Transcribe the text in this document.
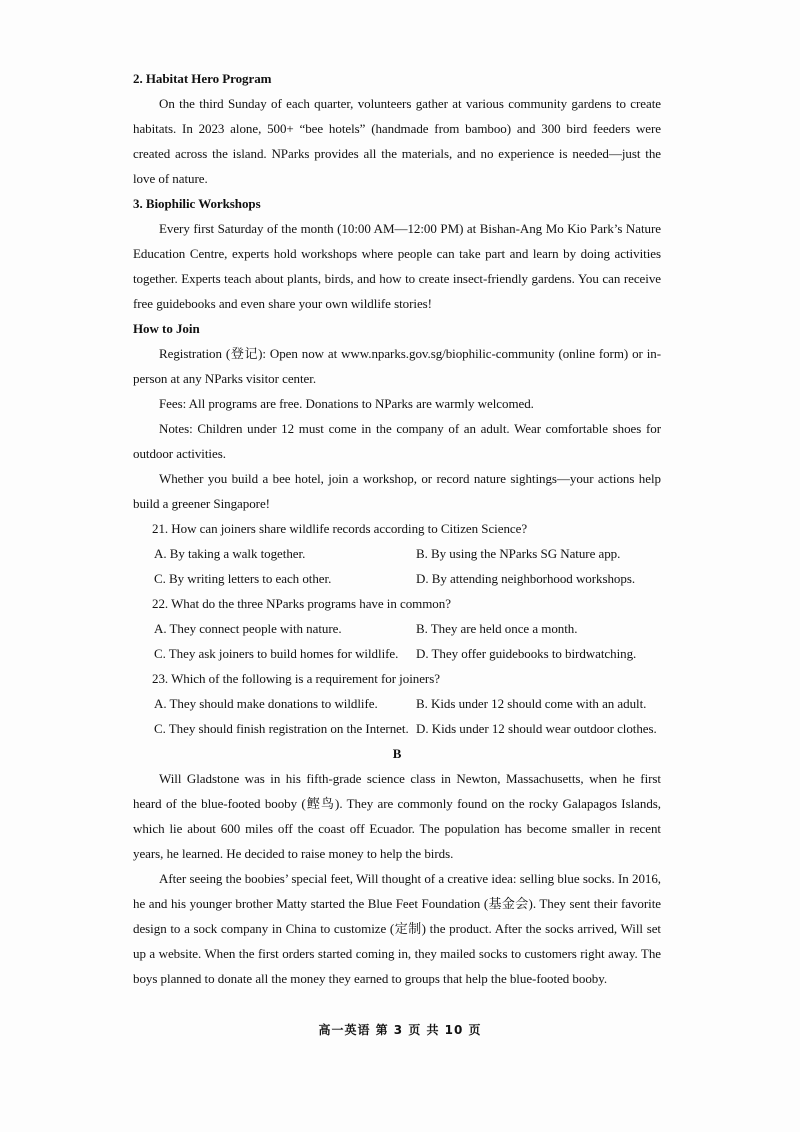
2. Habitat Hero Program

On the third Sunday of each quarter, volunteers gather at various community gardens to create habitats. In 2023 alone, 500+ “bee hotels” (handmade from bamboo) and 300 bird feeders were created across the island. NParks provides all the materials, and no experience is needed—just the love of nature.

3. Biophilic Workshops

Every first Saturday of the month (10:00 AM—12:00 PM) at Bishan-Ang Mo Kio Park’s Nature Education Centre, experts hold workshops where people can take part and learn by doing activities together. Experts teach about plants, birds, and how to create insect-friendly gardens. You can receive free guidebooks and even share your own wildlife stories!

How to Join

Registration (登记): Open now at www.nparks.gov.sg/biophilic-community (online form) or in-person at any NParks visitor center.

Fees: All programs are free. Donations to NParks are warmly welcomed.

Notes: Children under 12 must come in the company of an adult. Wear comfortable shoes for outdoor activities.

Whether you build a bee hotel, join a workshop, or record nature sightings—your actions help build a greener Singapore!

21. How can joiners share wildlife records according to Citizen Science?

A. By taking a walk together.	B. By using the NParks SG Nature app.
C. By writing letters to each other.	D. By attending neighborhood workshops.

22. What do the three NParks programs have in common?

A. They connect people with nature.	B. They are held once a month.
C. They ask joiners to build homes for wildlife.	D. They offer guidebooks to birdwatching.

23. Which of the following is a requirement for joiners?

A. They should make donations to wildlife.	B. Kids under 12 should come with an adult.
C. They should finish registration on the Internet. D. Kids under 12 should wear outdoor clothes.

B

Will Gladstone was in his fifth-grade science class in Newton, Massachusetts, when he first heard of the blue-footed booby (鲣鸟). They are commonly found on the rocky Galapagos Islands, which lie about 600 miles off the coast off Ecuador. The population has become smaller in recent years, he learned. He decided to raise money to help the birds.

After seeing the boobies’ special feet, Will thought of a creative idea: selling blue socks. In 2016, he and his younger brother Matty started the Blue Feet Foundation (基金会). They sent their favorite design to a sock company in China to customize (定制) the product. After the socks arrived, Will set up a website. When the first orders started coming in, they mailed socks to customers right away. The boys planned to donate all the money they earned to groups that help the blue-footed booby.

高一英语 第 3 页 共 10 页
